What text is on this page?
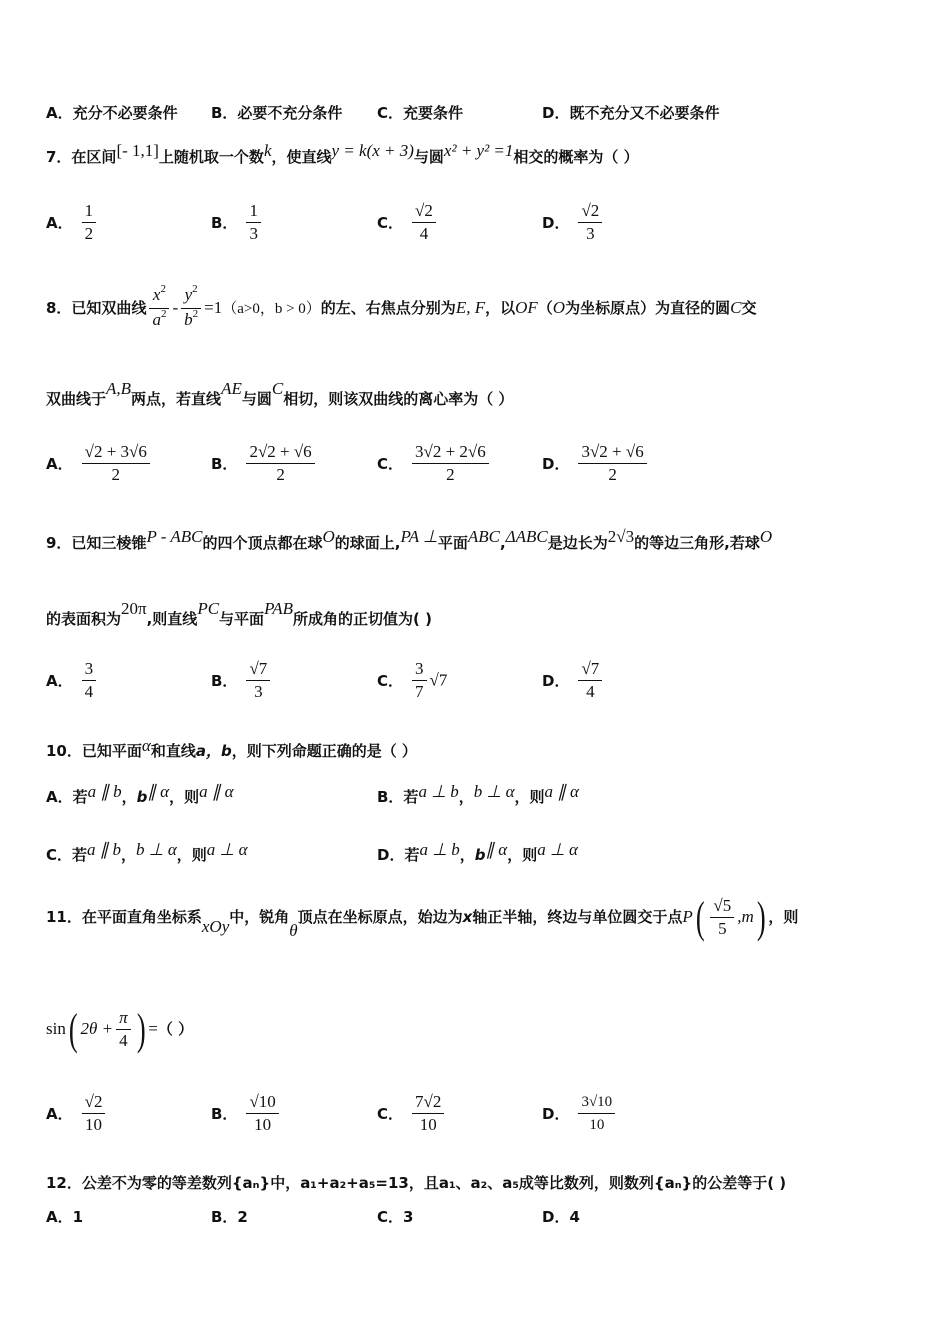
A．充分不必要条件 B．必要不充分条件 C．充要条件	D．既不充分又不必要条件
7．在区间[- 1,1]上随机取一个数k，使直线y = k(x + 3)与圆x² + y² =1相交的概率为（ ）
A． $\frac{1}{2}$	B． $\frac{1}{3}$	C． $\frac{√2}{4}$	D． $\frac{√2}{3}$
8．已知双曲线 $\frac{x^2}{a^2} - \frac{y^2}{b^2} =1(a>0$，b > 0）的左、右焦点分别为E, F，以OF（O为坐标原点）为直径的圆C交
双曲线于A,B两点，若直线AE与圆C相切，则该双曲线的离心率为（ ）
A． $\frac{√2 + 3√6}{2}$	B． $\frac{2√2 + √6}{2}$	C． $\frac{3√2 + 2√6}{2}$	D． $\frac{3√2 + √6}{2}$
9．已知三棱锥P - ABC的四个顶点都在球O的球面上,PA ⊥平面ABC,ΔABC是边长为2√3的等边三角形,若球O
的表面积为20π,则直线PC与平面PAB所成角的正切值为( )
A． $\frac{3}{4}$	B． $\frac{√7}{3}$	C． $\frac{3}{7} √7$	D． $\frac{√7}{4}$
10．已知平面α和直线a，b，则下列命题正确的是（ ）
A．若a ∥ b，b∥ α，则a ∥ α	B．若a ⊥ b，b ⊥ α，则a ∥ α
C．若a ∥ b，b ⊥ α，则a ⊥ α	D．若a ⊥ b，b∥ α，则a ⊥ α
11．在平面直角坐标系xOy中，锐角θ顶点在坐标原点，始边为x轴正半轴，终边与单位圆交于点$P( \frac{√5}{5} ,m)$ ，则
sin( $2\theta + \frac{\pi}{4}$ ) =（ ）
A． $\frac{√2}{10}$	B． $\frac{√10}{10}$	C． $\frac{7√2}{10}$	D． $\frac{3√10}{10}$
12．公差不为零的等差数列{aₙ}中，a₁+a₂+a₅=13，且a₁、a₂、a₅成等比数列，则数列{aₙ}的公差等于( )
A．1	B．2	C．3	D．4
